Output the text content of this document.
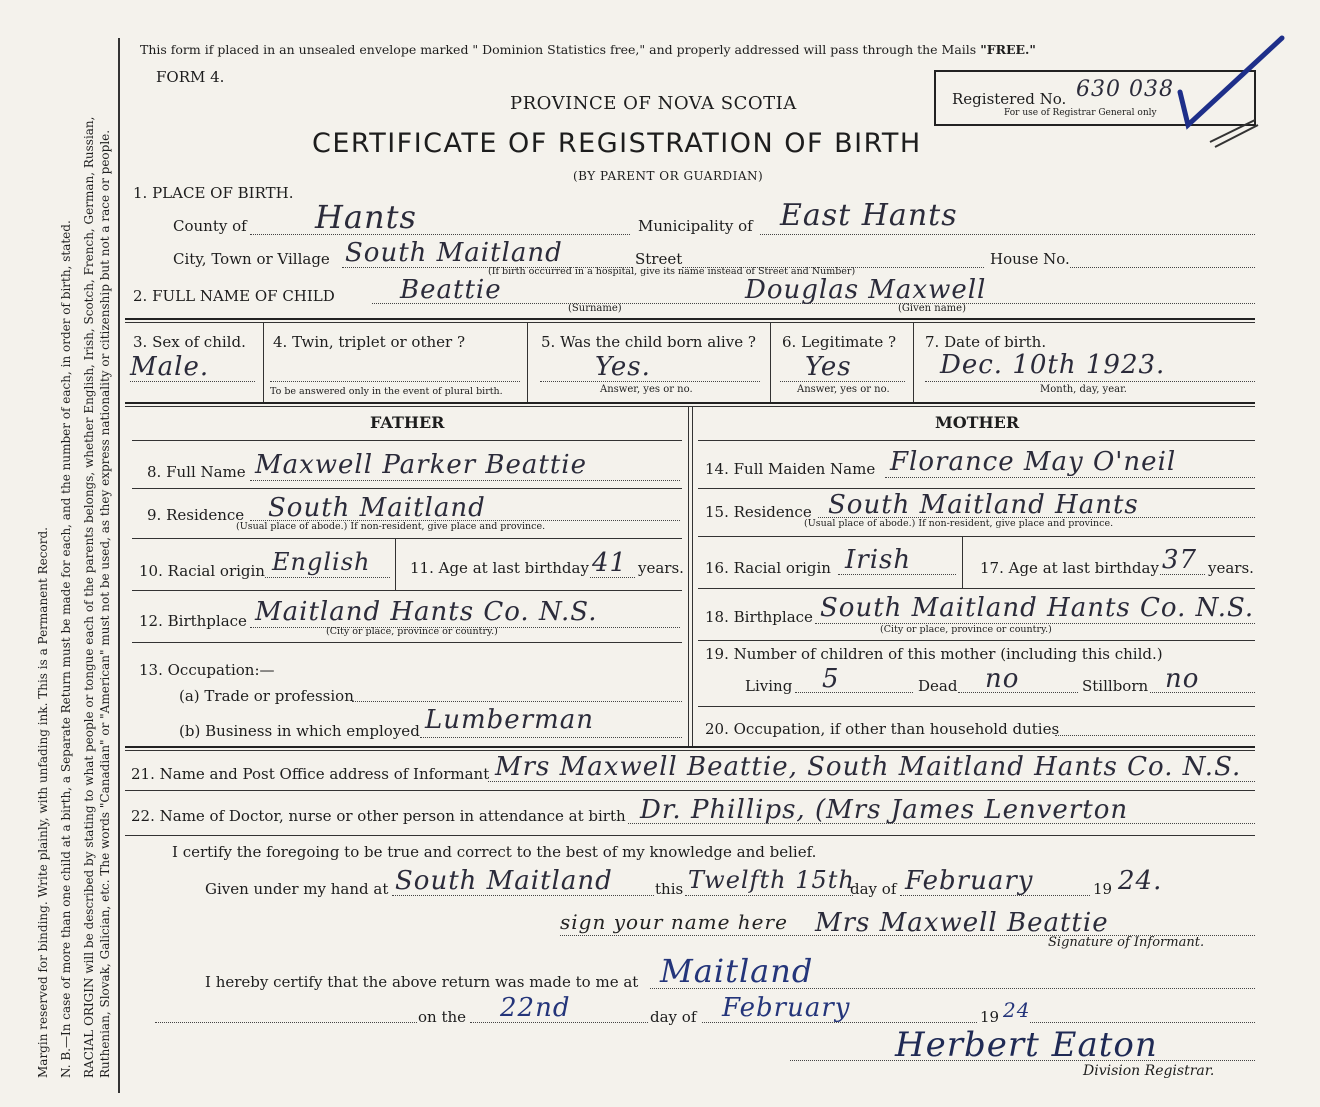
Margin reserved for binding. Write plainly, with unfading ink. This is a Permanent Record. N. B.—In case of more than one child at a birth, a Separate Return must be made for each, and the number of each, in order of birth, stated. RACIAL ORIGIN will be described by stating to what people or tongue each of the parents belongs, whether English, Irish, Scotch, French, German, Russian, Ruthenian, Slovak, Galician, etc. The words "Canadian" or "American" must not be used, as they express nationality or citizenship but not a race or people.
This form if placed in an unsealed envelope marked " Dominion Statistics free," and properly addressed will pass through the Mails "FREE."
FORM 4.
PROVINCE OF NOVA SCOTIA
CERTIFICATE OF REGISTRATION OF BIRTH
(BY PARENT OR GUARDIAN)
Registered No. 630 038
For use of Registrar General only
1. PLACE OF BIRTH.
County of Hants	Municipality of East Hants
City, Town or Village South Maitland	Street
(If birth occurred in a hospital, give its name instead of Street and Number)
House No.
2. FULL NAME OF CHILD	Beattie
(Surname)
Douglas Maxwell
(Given name)
3. Sex of child.
Male.
4. Twin, triplet or other ?
To be answered only in the event of plural birth.
5. Was the child born alive ?
Yes.
Answer, yes or no.
6. Legitimate ?
Yes
Answer, yes or no.
7. Date of birth.
Dec. 10th 1923.
Month, day, year.
FATHER	MOTHER
8. Full Name Maxwell Parker Beattie
9. Residence South Maitland
(Usual place of abode.) If non-resident, give place and province.
10. Racial origin English	11. Age at last birthday 41 years.
12. Birthplace Maitland Hants Co. N.S.
(City or place, province or country.)
13. Occupation:—
(a) Trade or profession
(b) Business in which employed Lumberman
14. Full Maiden Name Florance May O'neil
15. Residence South Maitland Hants
(Usual place of abode.) If non-resident, give place and province.
16. Racial origin Irish	17. Age at last birthday 37 years.
18. Birthplace South Maitland Hants Co. N.S.
(City or place, province or country.)
19. Number of children of this mother (including this child.)
Living 5	Dead no	Stillborn no
20. Occupation, if other than household duties
21. Name and Post Office address of Informant Mrs Maxwell Beattie, South Maitland Hants Co. N.S.
22. Name of Doctor, nurse or other person in attendance at birth Dr. Phillips, (Mrs James Lenverton
I certify the foregoing to be true and correct to the best of my knowledge and belief.
Given under my hand at South Maitland	this Twelfth 15th
day of February	19 24.
sign your name here Mrs Maxwell Beattie
Signature of Informant.
I hereby certify that the above return was made to me at Maitland
on the 22nd	day of February	19 24
Herbert Eaton
Division Registrar.
